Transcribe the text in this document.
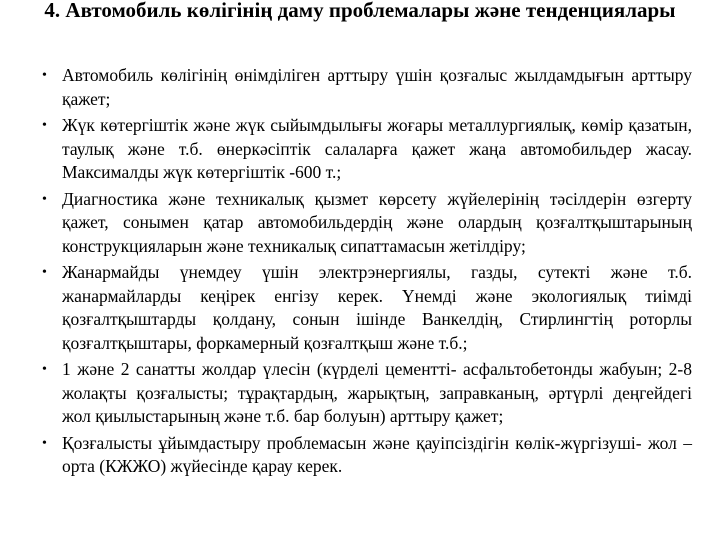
4. Автомобиль көлігінің даму проблемалары және тенденциялары
• Автомобиль көлігінің өнімділіген арттыру үшін қозғалыс жылдамдығын арттыру қажет;
• Жүк көтергіштік және жүк сыйымдылығы жоғары металлургиялық, көмір қазатын, таулық және т.б. өнеркәсіптік салаларға қажет жаңа автомобильдер жасау. Максималды жүк көтергіштік -600 т.;
• Диагностика және техникалық қызмет көрсету жүйелерінің тәсілдерін өзгерту қажет, сонымен қатар автомобильдердің және олардың қозғалтқыштарының конструкцияларын және техникалық сипаттамасын жетілдіру;
• Жанармайды үнемдеу үшін электрэнергиялы, газды, сутекті және т.б. жанармайларды кеңірек енгізу керек. Үнемді және экологиялық тиімді қозғалтқыштарды қолдану, сонын ішінде Ванкелдің, Стирлингтің роторлы қозғалтқыштары, форкамерный қозғалтқыш және т.б.;
• 1 және 2 санатты жолдар үлесін (күрделі цементті- асфальтобетонды жабуын; 2-8 жолақты қозғалысты; тұрақтардың, жарықтың, заправканың, әртүрлі деңгейдегі жол қиылыстарының және т.б. бар болуын) арттыру қажет;
• Қозғалысты ұйымдастыру проблемасын және қауіпсіздігін көлік-жүргізуші- жол – орта (КЖЖО) жүйесінде қарау керек.
